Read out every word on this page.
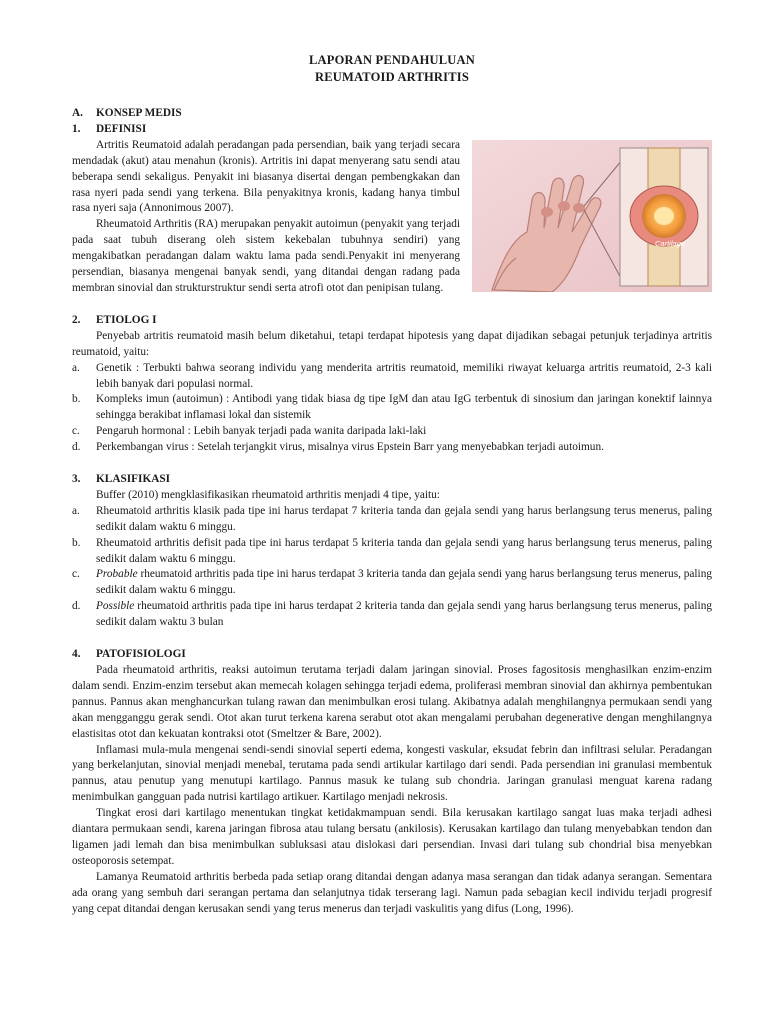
LAPORAN PENDAHULUAN
REUMATOID ARTHRITIS
A.	KONSEP MEDIS
1.	DEFINISI
Cartilage
Artritis Reumatoid adalah peradangan pada persendian, baik yang terjadi secara mendadak (akut) atau menahun (kronis). Artritis ini dapat menyerang satu sendi atau beberapa sendi sekaligus. Penyakit ini biasanya disertai dengan pembengkakan dan rasa nyeri pada sendi yang terkena. Bila penyakitnya kronis, kadang hanya timbul rasa nyeri saja (Annonimous 2007).
Rheumatoid Arthritis (RA) merupakan penyakit autoimun (penyakit yang terjadi pada saat tubuh diserang oleh sistem kekebalan tubuhnya sendiri) yang mengakibatkan peradangan dalam waktu lama pada sendi.Penyakit ini menyerang persendian, biasanya mengenai banyak sendi, yang ditandai dengan radang pada membran sinovial dan strukturstruktur sendi serta atrofi otot dan penipisan tulang.
2.	ETIOLOG I
Penyebab artritis reumatoid masih belum diketahui, tetapi terdapat hipotesis yang dapat dijadikan sebagai petunjuk terjadinya artritis reumatoid, yaitu:
a.	Genetik : Terbukti bahwa seorang individu yang menderita artritis reumatoid, memiliki riwayat keluarga artritis reumatoid, 2-3 kali lebih banyak dari populasi normal.
b.	Kompleks imun (autoimun) : Antibodi yang tidak biasa dg tipe IgM dan atau IgG terbentuk di sinosium dan jaringan konektif lainnya sehingga berakibat inflamasi lokal dan sistemik
c.	Pengaruh hormonal : Lebih banyak terjadi pada wanita daripada laki-laki
d.	Perkembangan virus : Setelah terjangkit virus, misalnya virus Epstein Barr yang menyebabkan terjadi autoimun.
3.	KLASIFIKASI
Buffer (2010) mengklasifikasikan rheumatoid arthritis menjadi 4 tipe, yaitu:
a.	Rheumatoid arthritis klasik pada tipe ini harus terdapat 7 kriteria tanda dan gejala sendi yang harus berlangsung terus menerus, paling sedikit dalam waktu 6 minggu.
b.	Rheumatoid arthritis defisit pada tipe ini harus terdapat 5 kriteria tanda dan gejala sendi yang harus berlangsung terus menerus, paling sedikit dalam waktu 6 minggu.
c.	Probable rheumatoid arthritis pada tipe ini harus terdapat 3 kriteria tanda dan gejala sendi yang harus berlangsung terus menerus, paling sedikit dalam waktu 6 minggu.
d.	Possible rheumatoid arthritis pada tipe ini harus terdapat 2 kriteria tanda dan gejala sendi yang harus berlangsung terus menerus, paling sedikit dalam waktu 3 bulan
4.	PATOFISIOLOGI
Pada rheumatoid arthritis, reaksi autoimun terutama terjadi dalam jaringan sinovial. Proses fagositosis menghasilkan enzim-enzim dalam sendi. Enzim-enzim tersebut akan memecah kolagen sehingga terjadi edema, proliferasi membran sinovial dan akhirnya pembentukan pannus. Pannus akan menghancurkan tulang rawan dan menimbulkan erosi tulang. Akibatnya adalah menghilangnya permukaan sendi yang akan mengganggu gerak sendi. Otot akan turut terkena karena serabut otot akan mengalami perubahan degenerative dengan menghilangnya elastisitas otot dan kekuatan kontraksi otot (Smeltzer & Bare, 2002).
Inflamasi mula-mula mengenai sendi-sendi sinovial seperti edema, kongesti vaskular, eksudat febrin dan infiltrasi selular. Peradangan yang berkelanjutan, sinovial menjadi menebal, terutama pada sendi artikular kartilago dari sendi. Pada persendian ini granulasi membentuk pannus, atau penutup yang menutupi kartilago. Pannus masuk ke tulang sub chondria. Jaringan granulasi menguat karena radang menimbulkan gangguan pada nutrisi kartilago artikuer. Kartilago menjadi nekrosis.
Tingkat erosi dari kartilago menentukan tingkat ketidakmampuan sendi. Bila kerusakan kartilago sangat luas maka terjadi adhesi diantara permukaan sendi, karena jaringan fibrosa atau tulang bersatu (ankilosis). Kerusakan kartilago dan tulang menyebabkan tendon dan ligamen jadi lemah dan bisa menimbulkan subluksasi atau dislokasi dari persendian. Invasi dari tulang sub chondrial bisa menyebkan osteoporosis setempat.
Lamanya Reumatoid arthritis berbeda pada setiap orang ditandai dengan adanya masa serangan dan tidak adanya serangan. Sementara ada orang yang sembuh dari serangan pertama dan selanjutnya tidak terserang lagi. Namun pada sebagian kecil individu terjadi progresif yang cepat ditandai dengan kerusakan sendi yang terus menerus dan terjadi vaskulitis yang difus (Long, 1996).
